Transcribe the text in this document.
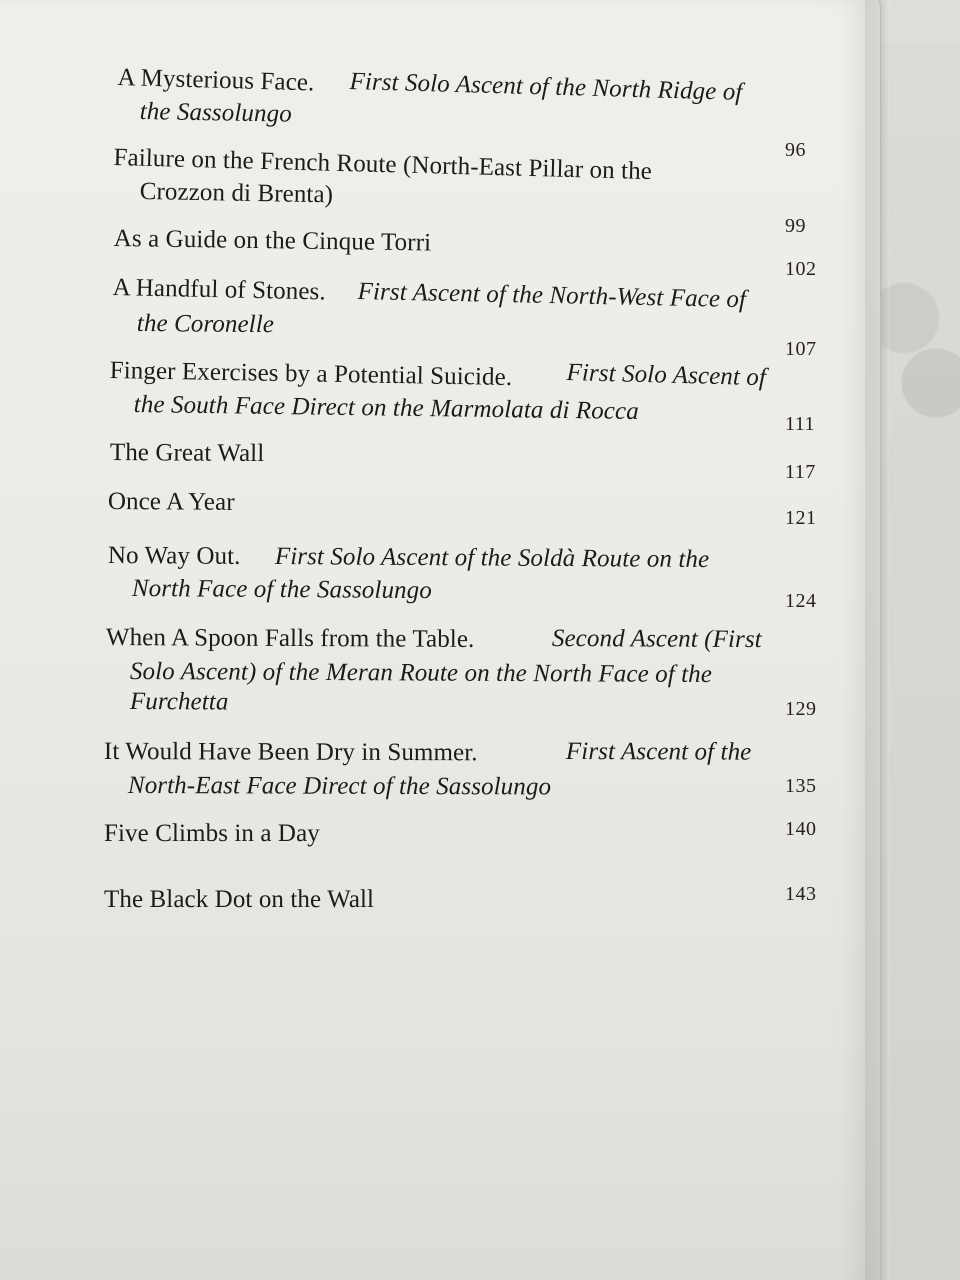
A Mysterious Face. First Solo Ascent of the North Ridge of
the Sassolungo
96
Failure on the French Route (North-East Pillar on the
Crozzon di Brenta)
99
As a Guide on the Cinque Torri
102
A Handful of Stones. First Ascent of the North-West Face of
the Coronelle
107
Finger Exercises by a Potential Suicide. First Solo Ascent of
the South Face Direct on the Marmolata di Rocca	111
The Great Wall
117
Once A Year
121
No Way Out. First Solo Ascent of the Soldà Route on the
North Face of the Sassolungo	124
When A Spoon Falls from the Table.	Second Ascent (First
Solo Ascent) of the Meran Route on the North Face of the
Furchetta	129
It Would Have Been Dry in Summer.	First Ascent of the
North-East Face Direct of the Sassolungo	135
Five Climbs in a Day	140
The Black Dot on the Wall	143
